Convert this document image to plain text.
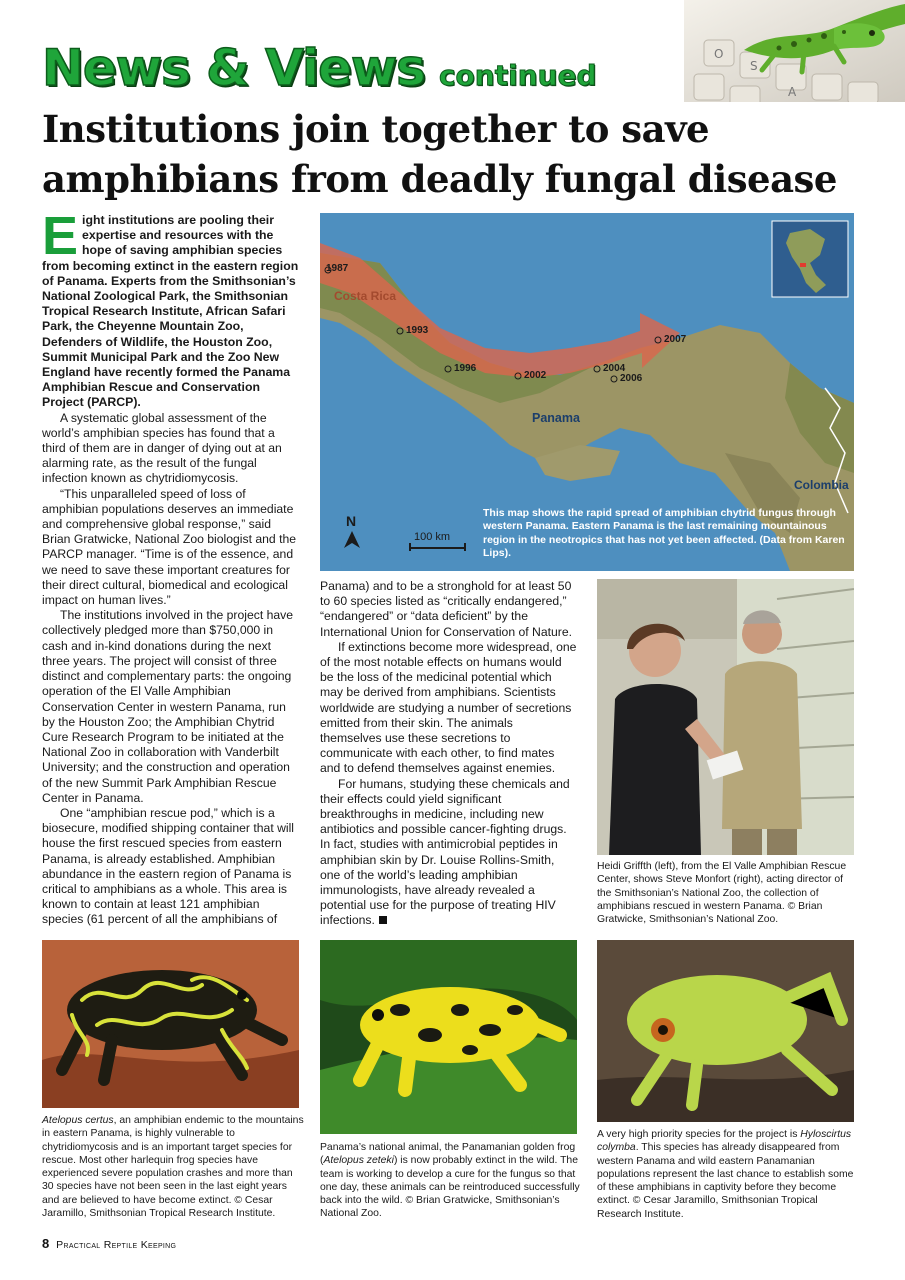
News & Views continued
O
S
A
Institutions join together to save amphibians from deadly fungal disease

Eight institutions are pooling their expertise and resources with the hope of saving amphibian species from becoming extinct in the eastern region of Panama. Experts from the Smithsonian’s National Zoological Park, the Smithsonian Tropical Research Institute, African Safari Park, the Cheyenne Mountain Zoo, Defenders of Wildlife, the Houston Zoo, Summit Municipal Park and the Zoo New England have recently formed the Panama Amphibian Rescue and Conservation Project (PARCP).

A systematic global assessment of the world’s amphibian species has found that a third of them are in danger of dying out at an alarming rate, as the result of the fungal infection known as chytridiomycosis.

“This unparalleled speed of loss of amphibian populations deserves an immediate and comprehensive global response,” said Brian Gratwicke, National Zoo biologist and the PARCP manager. “Time is of the essence, and we need to save these important creatures for their direct cultural, biomedical and ecological impact on human lives.”

The institutions involved in the project have collectively pledged more than $750,000 in cash and in-kind donations during the next three years. The project will consist of three distinct and complementary parts: the ongoing operation of the El Valle Amphibian Conservation Center in western Panama, run by the Houston Zoo; the Amphibian Chytrid Cure Research Program to be initiated at the National Zoo in collaboration with Vanderbilt University; and the construction and operation of the new Summit Park Amphibian Rescue Center in Panama.

One “amphibian rescue pod,” which is a biosecure, modified shipping container that will house the first rescued species from eastern Panama, is already established. Amphibian abundance in the eastern region of Panama is critical to amphibians as a whole. This area is known to contain at least 121 amphibian species (61 percent of all the amphibians of

Costa Rica
Panama
Colombia
1987
1993
1996
2002
2004
2006
2007
N
100 km
This map shows the rapid spread of amphibian chytrid fungus through western Panama. Eastern Panama is the last remaining mountainous region in the neotropics that has not yet been affected. (Data from Karen Lips).

Panama) and to be a stronghold for at least 50 to 60 species listed as “critically endangered,” “endangered” or “data deficient” by the International Union for Conservation of Nature.

If extinctions become more widespread, one of the most notable effects on humans would be the loss of the medicinal potential which may be derived from amphibians. Scientists worldwide are studying a number of secretions emitted from their skin. The animals themselves use these secretions to communicate with each other, to find mates and to defend themselves against enemies.

For humans, studying these chemicals and their effects could yield significant breakthroughs in medicine, including new antibiotics and possible cancer-fighting drugs. In fact, studies with antimicrobial peptides in amphibian skin by Dr. Louise Rollins-Smith, one of the world’s leading amphibian immunologists, have already revealed a potential use for the purpose of treating HIV infections.

Heidi Griffth (left), from the El Valle Amphibian Rescue Center, shows Steve Monfort (right), acting director of the Smithsonian’s National Zoo, the collection of amphibians rescued in western Panama. © Brian Gratwicke, Smithsonian’s National Zoo.
Atelopus certus, an amphibian endemic to the mountains in eastern Panama, is highly vulnerable to chytridiomycosis and is an important target species for rescue. Most other harlequin frog species have experienced severe population crashes and more than 30 species have not been seen in the last eight years and are believed to have become extinct. © Cesar Jaramillo, Smithsonian Tropical Research Institute.
Panama’s national animal, the Panamanian golden frog (Atelopus zeteki) is now probably extinct in the wild. The team is working to develop a cure for the fungus so that one day, these animals can be reintroduced successfully back into the wild. © Brian Gratwicke, Smithsonian’s National Zoo.
A very high priority species for the project is Hyloscirtus colymba. This species has already disappeared from western Panama and wild eastern Panamanian populations represent the last chance to establish some of these amphibians in captivity before they become extinct. © Cesar Jaramillo, Smithsonian Tropical Research Institute.
8 Practical Reptile Keeping
